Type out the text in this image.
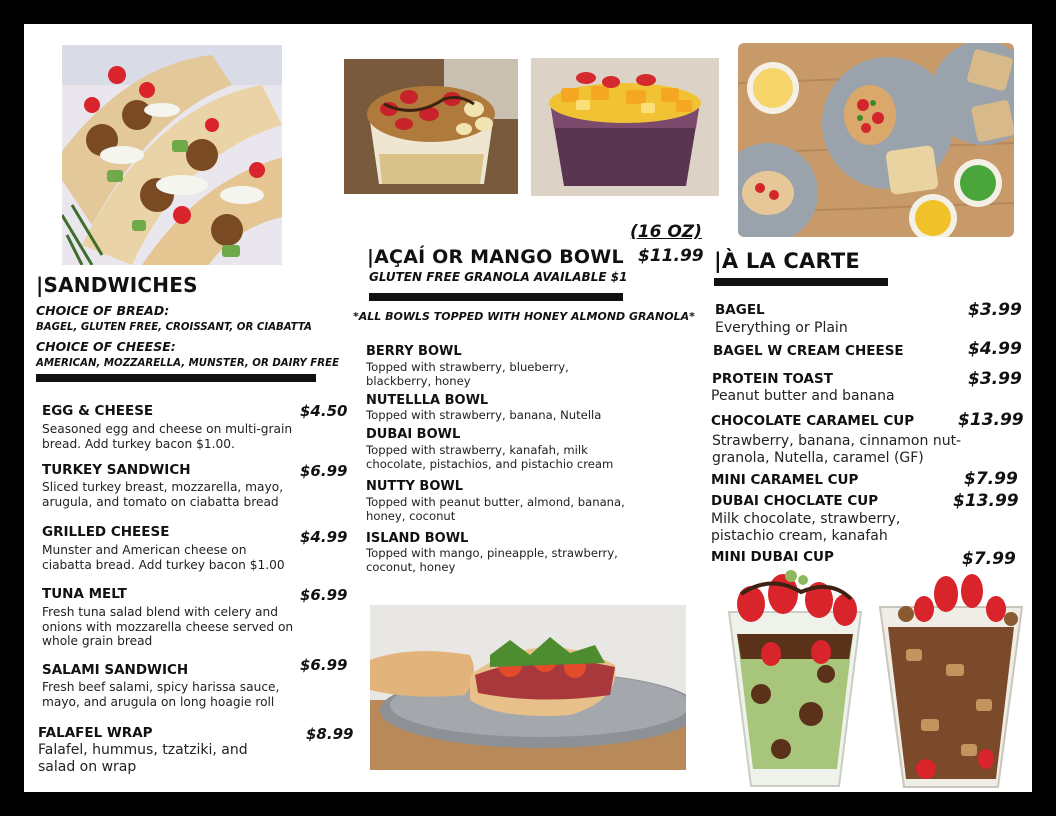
|SANDWICHES
CHOICE OF BREAD:
BAGEL, GLUTEN FREE, CROISSANT, OR CIABATTA
CHOICE OF CHEESE:
AMERICAN, MOZZARELLA, MUNSTER, OR DAIRY FREE
EGG & CHEESE	$4.50
Seasoned egg and cheese on multi-grain bread. Add turkey bacon $1.00.
TURKEY SANDWICH	$6.99
Sliced turkey breast, mozzarella, mayo, arugula, and tomato on ciabatta bread
GRILLED CHEESE	$4.99
Munster and American cheese on ciabatta bread. Add turkey bacon $1.00
TUNA MELT	$6.99
Fresh tuna salad blend with celery and onions with mozzarella cheese served on whole grain bread
SALAMI SANDWICH	$6.99
Fresh beef salami, spicy harissa sauce, mayo, and arugula on long hoagie roll
FALAFEL WRAP	$8.99
Falafel, hummus, tzatziki, and salad on wrap
(16 OZ)
$11.99
|AÇAÍ OR MANGO BOWL
GLUTEN FREE GRANOLA AVAILABLE $1
*ALL BOWLS TOPPED WITH HONEY ALMOND GRANOLA*
BERRY BOWL
Topped with strawberry, blueberry, blackberry, honey
NUTELLLA BOWL
Topped with strawberry, banana, Nutella
DUBAI BOWL
Topped with strawberry, kanafah, milk chocolate, pistachios, and pistachio cream
NUTTY BOWL
Topped with peanut butter, almond, banana, honey, coconut
ISLAND BOWL
Topped with mango, pineapple, strawberry, coconut, honey
|À LA CARTE
BAGEL	$3.99
Everything or Plain
BAGEL W CREAM CHEESE	$4.99
PROTEIN TOAST	$3.99
Peanut butter and banana
CHOCOLATE CARAMEL CUP	$13.99
Strawberry, banana, cinnamon nut-granola, Nutella, caramel (GF)
MINI CARAMEL CUP	$7.99
DUBAI CHOCLATE CUP	$13.99
Milk chocolate, strawberry, pistachio cream, kanafah
MINI DUBAI CUP	$7.99
